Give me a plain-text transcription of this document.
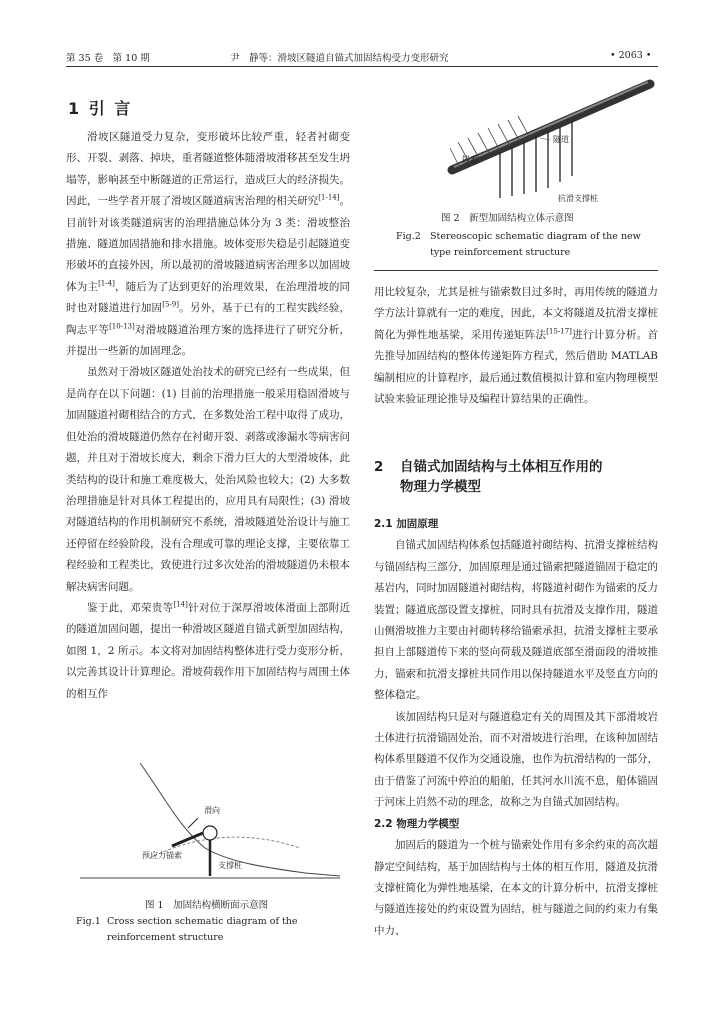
第 35 卷　第 10 期	尹　静等：滑坡区隧道自锚式加固结构受力变形研究	• 2063 •
1 引 言

滑坡区隧道受力复杂，变形破坏比较严重，轻者衬砌变形、开裂、剥落、掉块，重者隧道整体随滑坡滑移甚至发生坍塌等，影响甚至中断隧道的正常运行，造成巨大的经济损失。因此，一些学者开展了滑坡区隧道病害治理的相关研究[1-14]。目前针对该类隧道病害的治理措施总体分为 3 类：滑坡整治措施、隧道加固措施和排水措施。坡体变形失稳是引起隧道变形破坏的直接外因，所以最初的滑坡隧道病害治理多以加固坡体为主[1-4]，随后为了达到更好的治理效果，在治理滑坡的同时也对隧道进行加固[5-9]。另外，基于已有的工程实践经验，陶志平等[10-13]对滑坡隧道治理方案的选择进行了研究分析，并提出一些新的加固理念。

虽然对于滑坡区隧道处治技术的研究已经有一些成果，但是尚存在以下问题：(1) 目前的治理措施一般采用稳固滑坡与加固隧道衬砌相结合的方式，在多数处治工程中取得了成功，但处治的滑坡隧道仍然存在衬砌开裂、剥落或渗漏水等病害问题，并且对于滑坡长度大，剩余下滑力巨大的大型滑坡体，此类结构的设计和施工难度极大，处治风险也较大；(2) 大多数治理措施是针对具体工程提出的，应用具有局限性；(3) 滑坡对隧道结构的作用机制研究不系统，滑坡隧道处治设计与施工还停留在经验阶段，没有合理或可靠的理论支撑，主要依靠工程经验和工程类比，致使进行过多次处治的滑坡隧道仍未根本解决病害问题。

鉴于此，邓荣贵等[14]针对位于深厚滑坡体滑面上部附近的隧道加固问题，提出一种滑坡区隧道自锚式新型加固结构，如图 1，2 所示。本文将对加固结构整体进行受力变形分析，以完善其设计计算理论。滑坡荷载作用下加固结构与周围土体的相互作

滑向
预应力锚索
支撑桩
图 1　加固结构横断面示意图
Fig.1 Cross section schematic diagram of the reinforcement structure
隧道
锚索
抗滑支撑桩
图 2　新型加固结构立体示意图
Fig.2 Stereoscopic schematic diagram of the new type reinforcement structure

用比较复杂，尤其是桩与锚索数目过多时，再用传统的隧道力学方法计算就有一定的难度，因此，本文将隧道及抗滑支撑桩简化为弹性地基梁，采用传递矩阵法[15-17]进行计算分析。首先推导加固结构的整体传递矩阵方程式，然后借助 MATLAB 编制相应的计算程序，最后通过数值模拟计算和室内物理模型试验来验证理论推导及编程计算结果的正确性。

2 自锚式加固结构与土体相互作用的
物理力学模型

2.1 加固原理

自锚式加固结构体系包括隧道衬砌结构、抗滑支撑桩结构与锚固结构三部分，加固原理是通过锚索把隧道锚固于稳定的基岩内，同时加固隧道衬砌结构，将隧道衬砌作为锚索的反力装置；隧道底部设置支撑桩，同时具有抗滑及支撑作用，隧道山侧滑坡推力主要由衬砌转移给锚索承担，抗滑支撑桩主要承担自上部隧道传下来的竖向荷载及隧道底部至滑面段的滑坡推力，锚索和抗滑支撑桩共同作用以保持隧道水平及竖直方向的整体稳定。

该加固结构只是对与隧道稳定有关的周围及其下部滑坡岩土体进行抗滑锚固处治，而不对滑坡进行治理，在该种加固结构体系里隧道不仅作为交通设施，也作为抗滑结构的一部分，由于借鉴了河流中停泊的船舶，任其河水川流不息，船体锚固于河床上岿然不动的理念，故称之为自锚式加固结构。

2.2 物理力学模型

加固后的隧道为一个桩与锚索处作用有多余约束的高次超静定空间结构，基于加固结构与土体的相互作用，隧道及抗滑支撑桩简化为弹性地基梁，在本文的计算分析中，抗滑支撑桩与隧道连接处的约束设置为固结，桩与隧道之间的约束力有集中力、
